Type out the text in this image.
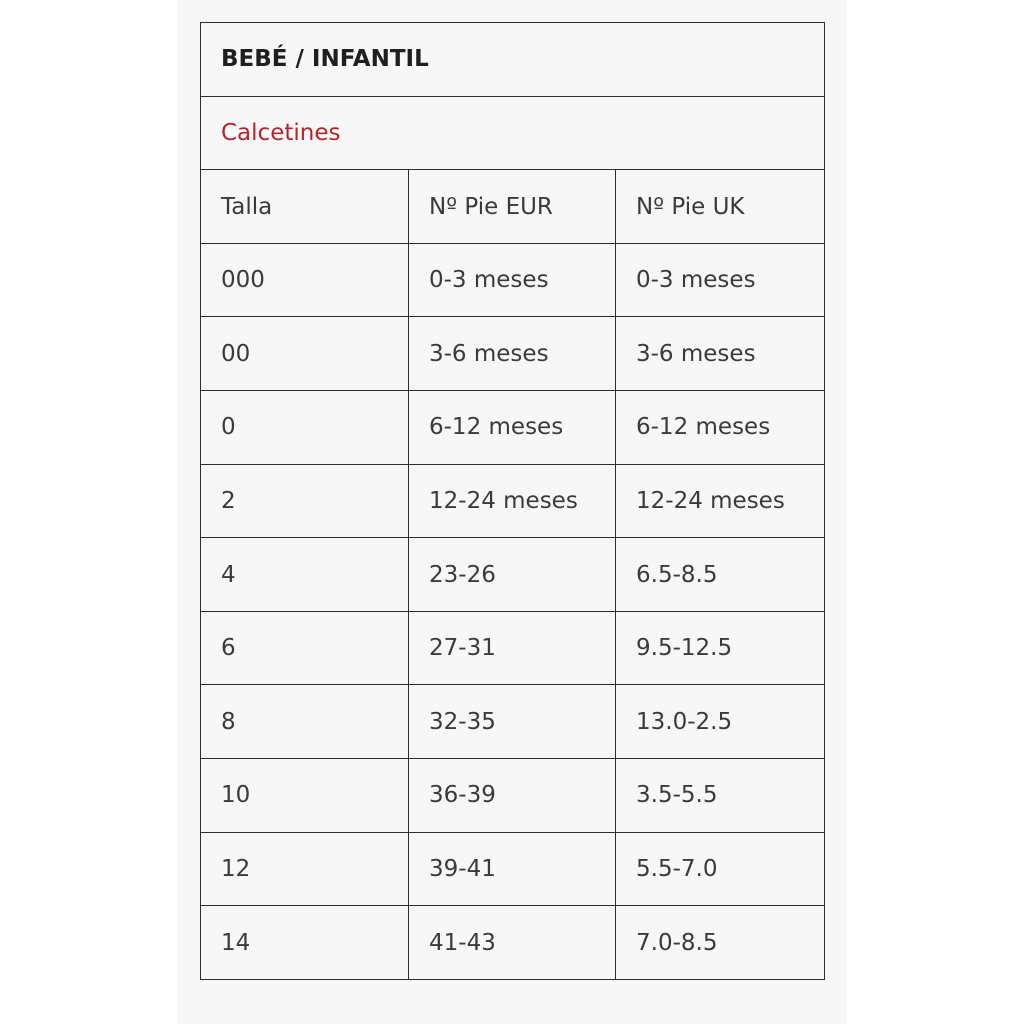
BEBÉ / INFANTIL		
Calcetines		
Talla	Nº Pie EUR	Nº Pie UK
000	0-3 meses	0-3 meses
00	3-6 meses	3-6 meses
0	6-12 meses	6-12 meses
2	12-24 meses	12-24 meses
4	23-26	6.5-8.5
6	27-31	9.5-12.5
8	32-35	13.0-2.5
10	36-39	3.5-5.5
12	39-41	5.5-7.0
14	41-43	7.0-8.5
